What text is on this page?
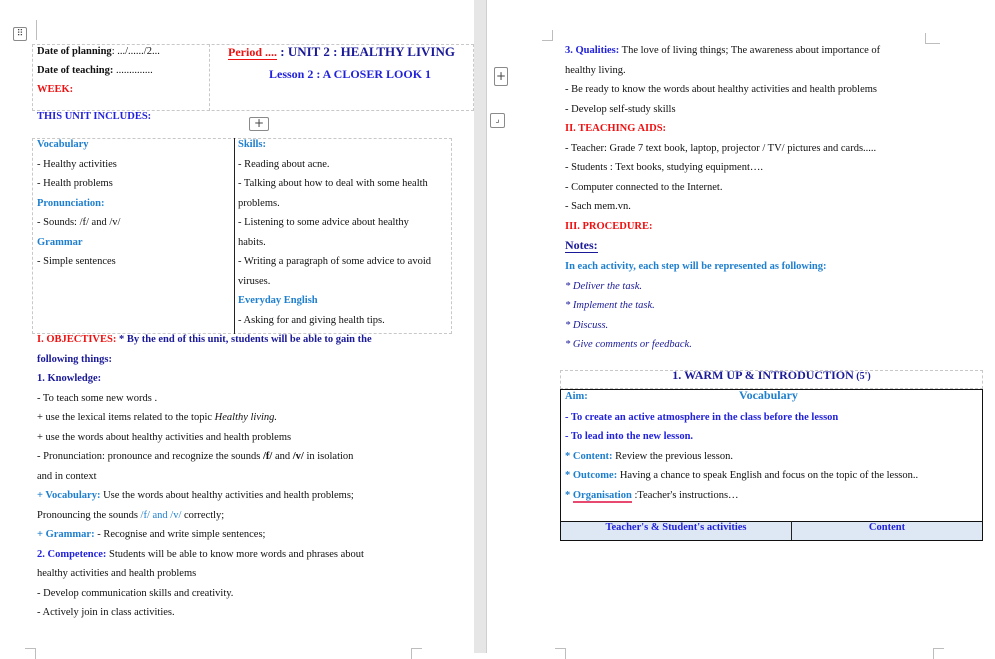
⠿
Date of planning: .../....../2...
Date of teaching: ..............
WEEK:
Period .... : UNIT 2 : HEALTHY LIVING
Lesson 2 : A CLOSER LOOK 1
THIS UNIT INCLUDES:	+
Vocabulary
- Healthy activities
- Health problems
Pronunciation:
- Sounds: /f/ and /v/
Grammar
- Simple sentences
Skills:
- Reading about acne.
- Talking about how to deal with some health
problems.
- Listening to some advice about healthy
habits.
- Writing a paragraph of some advice to avoid
viruses.
Everyday English
- Asking for and giving health tips.
I. OBJECTIVES: * By the end of this unit, students will be able to gain the
following things:
1. Knowledge:
- To teach some new words .
+ use the lexical items related to the topic Healthy living.
+ use the words about healthy activities and health problems
- Pronunciation: pronounce and recognize the sounds /f/ and /v/ in isolation
and in context
+ Vocabulary: Use the words about healthy activities and health problems;
Pronouncing the sounds /f/ and /v/ correctly;
+ Grammar: - Recognise and write simple sentences;
2. Competence: Students will be able to know more words and phrases about
healthy activities and health problems
- Develop communication skills and creativity.
- Actively join in class activities.
+
⌟
3. Qualities: The love of living things; The awareness about importance of
healthy living.
- Be ready to know the words about healthy activities and health problems
- Develop self-study skills
II. TEACHING AIDS:
- Teacher: Grade 7 text book, laptop, projector / TV/ pictures and cards.....
- Students : Text books, studying equipment….
- Computer connected to the Internet.
- Sach mem.vn.
III. PROCEDURE:
Notes:
In each activity, each step will be represented as following:
* Deliver the task.
* Implement the task.
* Discuss.
* Give comments or feedback.
1. WARM UP & INTRODUCTION (5')
Aim:	Vocabulary
- To create an active atmosphere in the class before the lesson
- To lead into the new lesson.
* Content: Review the previous lesson.
* Outcome: Having a chance to speak English and focus on the topic of the lesson..
* Organisation :Teacher's instructions…
Teacher's & Student's activities	Content
